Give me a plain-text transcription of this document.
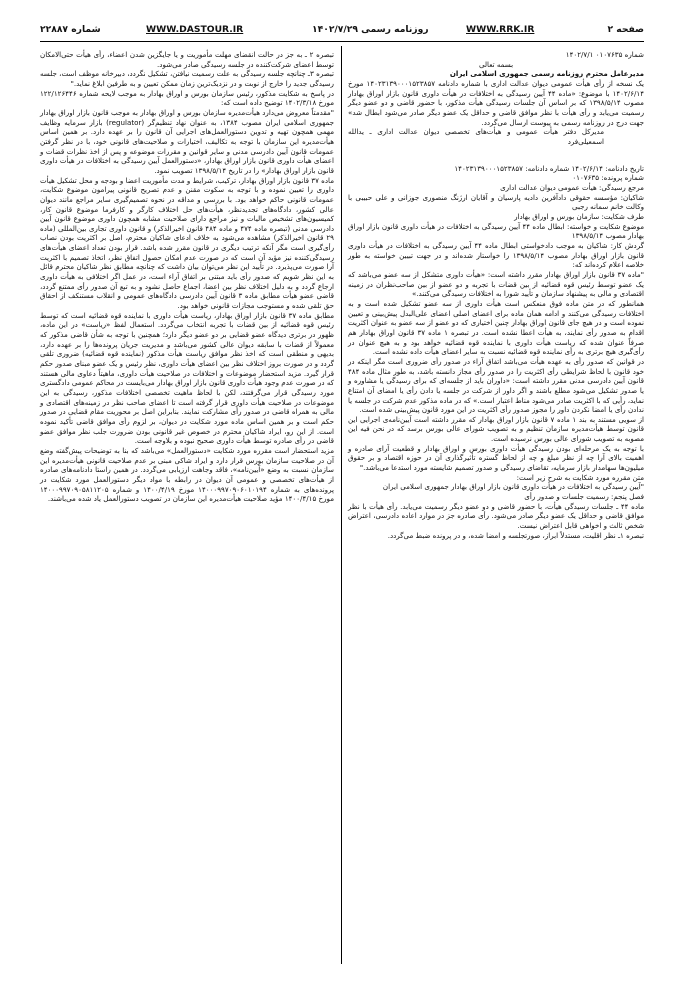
صفحه ۲
WWW.RRK.IR
روزنامه رسمی ۱۴۰۲/۷/۲۹
WWW.DASTOUR.IR
شماره ۲۲۸۸۷

شماره ۰۱۰۷۶۳۵ ۱۴۰۲/۷/۱

بسمه تعالی

مدیرعامل محترم روزنامه رسمی جمهوری اسلامی ایران

یک نسخه از رأی هیأت عمومی دیوان عدالت اداری با شماره دادنامه ۱۴۰۲۳۱۳۹۰۰۰۱۵۲۳۸۵۷ مورخ ۱۴۰۲/۶/۱۴ با موضوع: «ماده ۴۴ آیین رسیدگی به اختلافات در هیأت داوری قانون بازار اوراق بهادار مصوب ۱۳۹۸/۵/۱۴ که بر اساس آن جلسات رسیدگی هیأت مذکور، با حضور قاضی و دو عضو دیگر رسمیت می‌یابد و رأی هیأت با نظر موافق قاضی و حداقل یک عضو دیگر صادر می‌شود ابطال شد» جهت درج در روزنامه رسمی به پیوست ارسال می‌گردد.

مدیرکل دفتر هیأت عمومی و هیأت‌های تخصصی دیوان عدالت اداری ـ یدالله اسمعیلی‌فرد

تاریخ دادنامه: ۱۴۰۲/۶/۱۴ شماره دادنامه: ۱۴۰۲۳۱۳۹۰۰۰۱۵۲۳۸۵۷

شماره پرونده: ۰۱۰۷۶۳۵

مرجع رسیدگی: هیأت عمومی دیوان عدالت اداری

شاکیان: مؤسسه حقوقی دادآفرین دادیه پارسیان و آقایان ارژنگ منصوری جوزانی و علی حبیبی با وکالت خانم سمانه رجبی

طرف شکایت: سازمان بورس و اوراق بهادار

موضوع شکایت و خواسته: ابطال ماده ۴۴ آیین رسیدگی به اختلافات در هیأت داوری قانون بازار اوراق بهادار مصوب ۱۳۹۸/۵/۱۴

گردش کار: شاکیان به موجب دادخواستی ابطال ماده ۴۴ آیین رسیدگی به اختلافات در هیأت داوری قانون بازار اوراق بهادار مصوب ۱۳۹۸/۵/۱۴ را خواستار شده‌اند و در جهت تبیین خواسته به طور خلاصه اعلام کرده‌اند که:

"ماده ۳۷ قانون بازار اوراق بهادار مقرر داشته است: «هیأت داوری متشکل از سه عضو می‌باشد که یک عضو توسط رئیس قوه قضائیه از بین قضات با تجربه و دو عضو از بین صاحب‌نظران در زمینه اقتصادی و مالی به پیشنهاد سازمان و تأیید شورا به اختلافات رسیدگی می‌کنند.»

همانطور که در متن ماده فوق منعکس است هیأت داوری از سه عضو تشکیل شده است و به اختلافات رسیدگی می‌کنند و ادامه همان ماده برای اعضای اصلی اعضای علی‌البدل پیش‌بینی و تعیین نموده است و در هیچ جای قانون اوراق بهادار چنین اختیاری که دو عضو از سه عضو به عنوان اکثریت اقدام به صدور رأی نمایند، به هیأت اعطا نشده است. در تبصره ۱ ماده ۳۷ قانون اوراق بهادار هم صرفاً عنوان شده که ریاست هیأت داوری با نماینده قوه قضائیه خواهد بود و به هیچ عنوان در رأی‌گیری هیچ برتری به رأی نماینده قوه قضائیه نسبت به سایر اعضای هیأت داده نشده است.

در قوانین که صدور رأی به عهده هیأت می‌باشد اتفاق آراء در صدور رأی ضروری است مگر اینکه در خود قانون با لحاظ شرایطی رأی اکثریت را در صدور رأی مجاز دانسته باشد، به طور مثال ماده ۴۸۴ قانون آیین دادرسی مدنی مقرر داشته است: «داوران باید از جلسه‌ای که برای رسیدگی یا مشاوره و یا صدور تشکیل می‌شود مطلع باشند و اگر داور از شرکت در جلسه یا دادن رأی یا امضای آن امتناع نماید، رأیی که با اکثریت صادر می‌شود مناط اعتبار است.» که در ماده مذکور عدم شرکت در جلسه یا ندادن رأی یا امضا نکردن داور را مجوز صدور رأی اکثریت در این مورد قانون پیش‌بینی شده است.

از سویی مستند به بند ۱ ماده ۷ قانون بازار اوراق بهادار که مقرر داشته است آیین‌نامه‌ی اجرایی این قانون توسط هیأت‌مدیره سازمان تنظیم و به تصویب شورای عالی بورس برسد که در نحن فیه این مصوبه به تصویب شورای عالی بورس نرسیده است.

با توجه به یک مرحله‌ای بودن رسیدگی هیأت داوری بورس و اوراق بهادار و قطعیت آرای صادره و اهمیت بالای آرا چه از نظر مبلغ و چه از لحاظ گستره تأثیرگذاری آن در حوزه اقتصاد و بر حقوق میلیون‌ها سهامدار بازار سرمایه، تقاضای رسیدگی و صدور تصمیم شایسته مورد استدعا می‌باشد."

متن مقرره مورد شکایت به شرح زیر است:

"آیین رسیدگی به اختلافات در هیأت داوری قانون بازار اوراق بهادار جمهوری اسلامی ایران

فصل پنجم: رسمیت جلسات و صدور رأی

ماده ۴۴ ـ جلسات رسیدگی هیأت، با حضور قاضی و دو عضو دیگر رسمیت می‌یابد. رأی هیأت با نظر موافق قاضی و حداقل یک عضو دیگر صادر می‌شود. رأی صادره جز در موارد اعاده دادرسی، اعتراض شخص ثالث و اخواهی قابل اعتراض نیست.

تبصره ۱ـ نظر اقلیت، مستدلاً ابراز، صورتجلسه و امضا شده، و در پرونده ضبط می‌گردد.

تبصره ۲ ـ به جز در حالت انقضای مهلت مأموریت و یا جایگزین شدن اعضاء، رأی هیأت حتی‌الامکان توسط اعضای شرکت‌کننده در جلسه رسیدگی صادر می‌شود.

تبصره ۳ـ چنانچه جلسه رسیدگی به علت رسمیت نیافتن، تشکیل نگردد، دبیرخانه موظف است، جلسه رسیدگی جدید را خارج از نوبت و در نزدیک‌ترین زمان ممکن تعیین و به طرفین ابلاغ نماید."

در پاسخ به شکایت مذکور، رئیس سازمان بورس و اوراق بهادار به موجب لایحه شماره ۱۲۲/۱۲۶۴۴۶ مورخ ۱۴۰۲/۳/۱۸ توضیح داده است که:

"مقدمتاً معروض می‌دارد هیأت‌مدیره سازمان بورس و اوراق بهادار به موجب قانون بازار اوراق بهادار جمهوری اسلامی ایران مصوب ۱۳۸۴، به عنوان نهاد تنظیم‌گر (regulator) بازار سرمایه وظایف مهمی همچون تهیه و تدوین دستورالعمل‌های اجرایی آن قانون را بر عهده دارد. بر همین اساس هیأت‌مدیره این سازمان با توجه به تکالیف، اختیارات و صلاحیت‌های قانونی خود، با در نظر گرفتن عمومات قانون آیین دادرسی مدنی و سایر قوانین و مقررات موضوعه و پس از اخذ نظرات قضات و اعضای هیأت داوری قانون بازار اوراق بهادار، «دستورالعمل آیین رسیدگی به اختلافات در هیأت داوری قانون بازار اوراق بهادار» را در تاریخ ۱۳۹۸/۵/۱۴ تصویب نمود.

ماده ۳۷ قانون بازار اوراق بهادار، ترکیب، شرایط و مدت مأموریت اعضا و بودجه و محل تشکیل هیأت داوری را تعیین نموده و با توجه به سکوت مقنن و عدم تصریح قانونی پیرامون موضوع شکایت، عمومات قانونی حاکم خواهد بود. با بررسی و مداقه در نحوه تصمیم‌گیری سایر مراجع مانند دیوان عالی کشور، دادگاه‌های تجدیدنظر، هیأت‌های حل اختلاف کارگر و کارفرما موضوع قانون کار، کمیسیون‌های تشخیص مالیات و نیز مراجع دارای صلاحیت مشابه همچون داوری موضوع قانون آیین دادرسی مدنی (تبصره ماده ۴۷۴ و ماده ۴۸۴ قانون اخیرالذکر) و قانون داوری تجاری بین‌المللی (ماده ۲۹ قانون اخیرالذکر) مشاهده می‌شود به خلاف ادعای شاکیان محترم، اصل بر اکثریت بودن نصاب رأی‌گیری است مگر آنکه ترتیب دیگری در قانون مقرر شده باشد. قرار بودن تعداد اعضای هیأت‌های رسیدگی‌کننده نیز مؤید آن است که در صورت عدم امکان حصول اتفاق نظر، اتخاذ تصمیم با اکثریت آرا صورت می‌پذیرد. در تأیید این نظر می‌توان بیان داشت که چنانچه مطابق نظر شاکیان محترم قائل به این نظر شویم که صدور رأی باید مبتنی بر اتفاق آراء است، در عمل اگر اختلافی به هیأت داوری ارجاع گردد و به دلیل اختلاف نظر بین اعضا، اجماع حاصل نشود و به تبع آن صدور رأی ممتنع گردد، قاضی عضو هیأت مطابق ماده ۳ قانون آیین دادرسی دادگاه‌های عمومی و انقلاب مستنکف از احقاق حق تلقی شده و مستوجب مجازات قانونی خواهد بود.

مطابق ماده ۳۷ قانون بازار اوراق بهادار، ریاست هیأت داوری با نماینده قوه قضائیه است که توسط رئیس قوه قضائیه از بین قضات با تجربه انتخاب می‌گردد. استعمال لفظ «ریاست» در این ماده، ظهور در برتری دیدگاه عضو قضایی بر دو عضو دیگر دارد؛ همچنین با توجه به شأن قاضی مذکور که معمولاً از قضات با سابقه دیوان عالی کشور می‌باشد و مدیریت جریان پرونده‌ها را بر عهده دارد، بدیهی و منطقی است که اخذ نظر موافق ریاست هیأت مذکور (نماینده قوه قضائیه) ضروری تلقی گردد و در صورت بروز اختلاف نظر بین اعضای هیأت داوری، نظر رئیس و یک عضو مبنای صدور حکم قرار گیرد. مزید استحضار موضوعات و اختلافات در صلاحیت هیأت داوری، ماهیتاً دعاوی مالی هستند که در صورت عدم وجود هیأت داوری قانون بازار اوراق بهادار می‌بایست در محاکم عمومی دادگستری مورد رسیدگی قرار می‌گرفتند، لکن با لحاظ ماهیت تخصصی اختلافات مذکور، رسیدگی به این موضوعات در صلاحیت هیأت داوری قرار گرفته است تا اعضای صاحب نظر در زمینه‌های اقتصادی و مالی به همراه قاضی در صدور رأی مشارکت نمایند. بنابراین اصل بر محوریت مقام قضایی در صدور حکم است و بر همین اساس ماده مورد شکایت در دیوان، بر لزوم رأی موافق قاضی تأکید نموده است. از این رو، ایراد شاکیان محترم در خصوص غیر قانونی بودن ضرورت جلب نظر موافق عضو قاضی در رأی صادره توسط هیأت داوری صحیح نبوده و بلاوجه است.

مزید استحضار است مقرره مورد شکایت «دستورالعمل» می‌باشد که بنا به توضیحات پیش‌گفته وضع آن در صلاحیت سازمان بورس قرار دارد و ایراد شاکی مبنی بر عدم صلاحیت قانونی هیأت‌مدیره این سازمان نسبت به وضع «آیین‌نامه»، فاقد وجاهت ارزیابی می‌گردد. در همین راستا دادنامه‌های صادره از هیأت‌های تخصصی و عمومی آن دیوان در رابطه با مواد دیگر دستورالعمل مورد شکایت در پرونده‌های به شماره ۱۴۰۰۰۹۹۷۰۹۰۶۰۱۰۱۹۴ مورخ ۱۴۰۰/۴/۱۹ و شماره ۱۴۰۰۰۹۹۷۰۹۰۵۸۱۱۲۰۵ مورخ ۱۴۰۰/۴/۱۵ مؤید صلاحیت هیأت‌مدیره این سازمان در تصویب دستورالعمل یاد شده می‌باشند.
